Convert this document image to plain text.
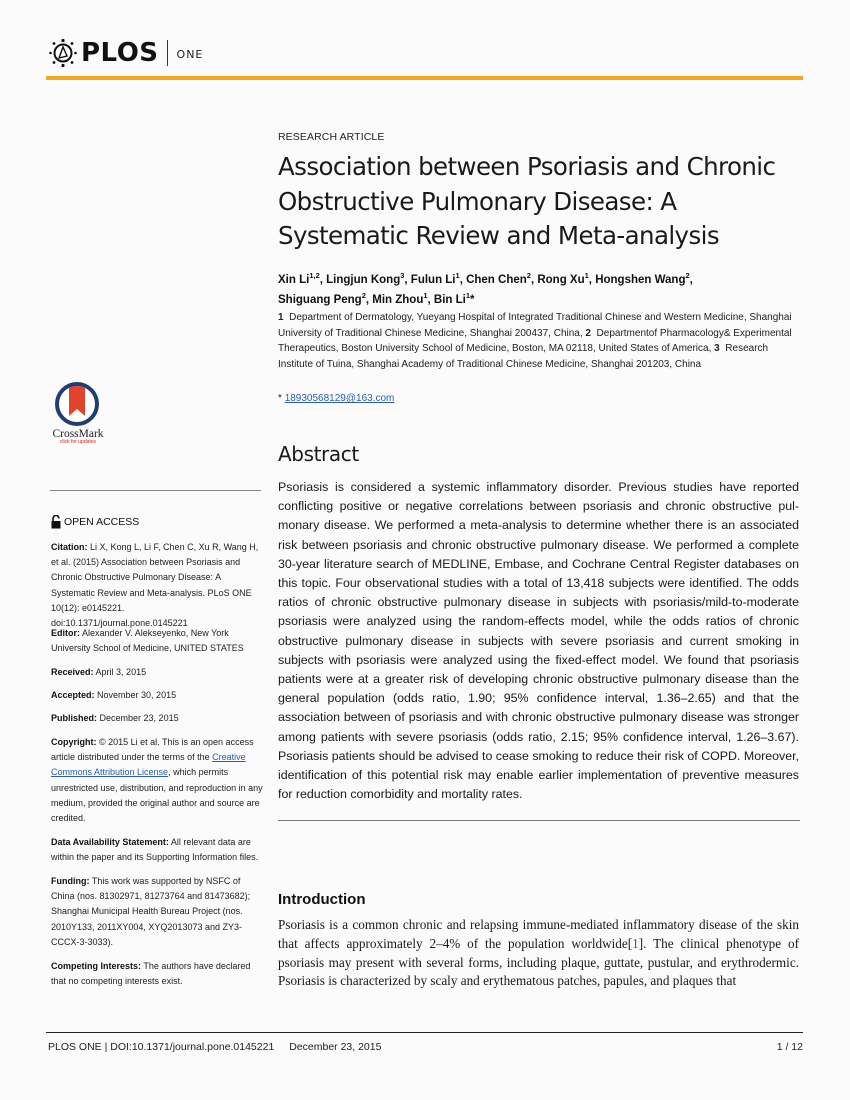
PLOS ONE
RESEARCH ARTICLE
Association between Psoriasis and Chronic Obstructive Pulmonary Disease: A Systematic Review and Meta-analysis
Xin Li$^{1,2}$, Lingjun Kong$^3$, Fulun Li$^1$, Chen Chen$^2$, Rong Xu$^1$, Hongshen Wang$^2$,
Shiguang Peng$^2$, Min Zhou$^1$, Bin Li$^1$*
1 Department of Dermatology, Yueyang Hospital of Integrated Traditional Chinese and Western Medicine, Shanghai University of Traditional Chinese Medicine, Shanghai 200437, China, 2 Departmentof Pharmacology& Experimental Therapeutics, Boston University School of Medicine, Boston, MA 02118, United States of America, 3 Research Institute of Tuina, Shanghai Academy of Traditional Chinese Medicine, Shanghai 201203, China
* 18930568129@163.com
CrossMark
click for updates
OPEN ACCESS
Citation: Li X, Kong L, Li F, Chen C, Xu R, Wang H, et al. (2015) Association between Psoriasis and Chronic Obstructive Pulmonary Disease: A Systematic Review and Meta-analysis. PLoS ONE 10(12): e0145221. doi:10.1371/journal.pone.0145221
Editor: Alexander V. Alekseyenko, New York University School of Medicine, UNITED STATES
Received: April 3, 2015
Accepted: November 30, 2015
Published: December 23, 2015
Copyright: © 2015 Li et al. This is an open access article distributed under the terms of the Creative Commons Attribution License, which permits unrestricted use, distribution, and reproduction in any medium, provided the original author and source are credited.
Data Availability Statement: All relevant data are within the paper and its Supporting Information files.
Funding: This work was supported by NSFC of China (nos. 81302971, 81273764 and 81473682); Shanghai Municipal Health Bureau Project (nos. 2010Y133, 2011XY004, XYQ2013073 and ZY3-CCCX-3-3033).
Competing Interests: The authors have declared that no competing interests exist.
Abstract
Psoriasis is considered a systemic inflammatory disorder. Previous studies have reported conflicting positive or negative correlations between psoriasis and chronic obstructive pulmonary disease. We performed a meta-analysis to determine whether there is an associated risk between psoriasis and chronic obstructive pulmonary disease. We performed a complete 30-year literature search of MEDLINE, Embase, and Cochrane Central Register databases on this topic. Four observational studies with a total of 13,418 subjects were identified. The odds ratios of chronic obstructive pulmonary disease in subjects with psoriasis/mild-to-moderate psoriasis were analyzed using the random-effects model, while the odds ratios of chronic obstructive pulmonary disease in subjects with severe psoriasis and current smoking in subjects with psoriasis were analyzed using the fixed-effect model. We found that psoriasis patients were at a greater risk of developing chronic obstructive pulmonary disease than the general population (odds ratio, 1.90; 95% confidence interval, 1.36–2.65) and that the association between of psoriasis and with chronic obstructive pulmonary disease was stronger among patients with severe psoriasis (odds ratio, 2.15; 95% confidence interval, 1.26–3.67). Psoriasis patients should be advised to cease smoking to reduce their risk of COPD. Moreover, identification of this potential risk may enable earlier implementation of preventive measures for reduction comorbidity and mortality rates.
Introduction
Psoriasis is a common chronic and relapsing immune-mediated inflammatory disease of the skin that affects approximately 2–4% of the population worldwide[1]. The clinical phenotype of psoriasis may present with several forms, including plaque, guttate, pustular, and erythrodermic. Psoriasis is characterized by scaly and erythematous patches, papules, and plaques that
PLOS ONE | DOI:10.1371/journal.pone.0145221 December 23, 2015	1 / 12
